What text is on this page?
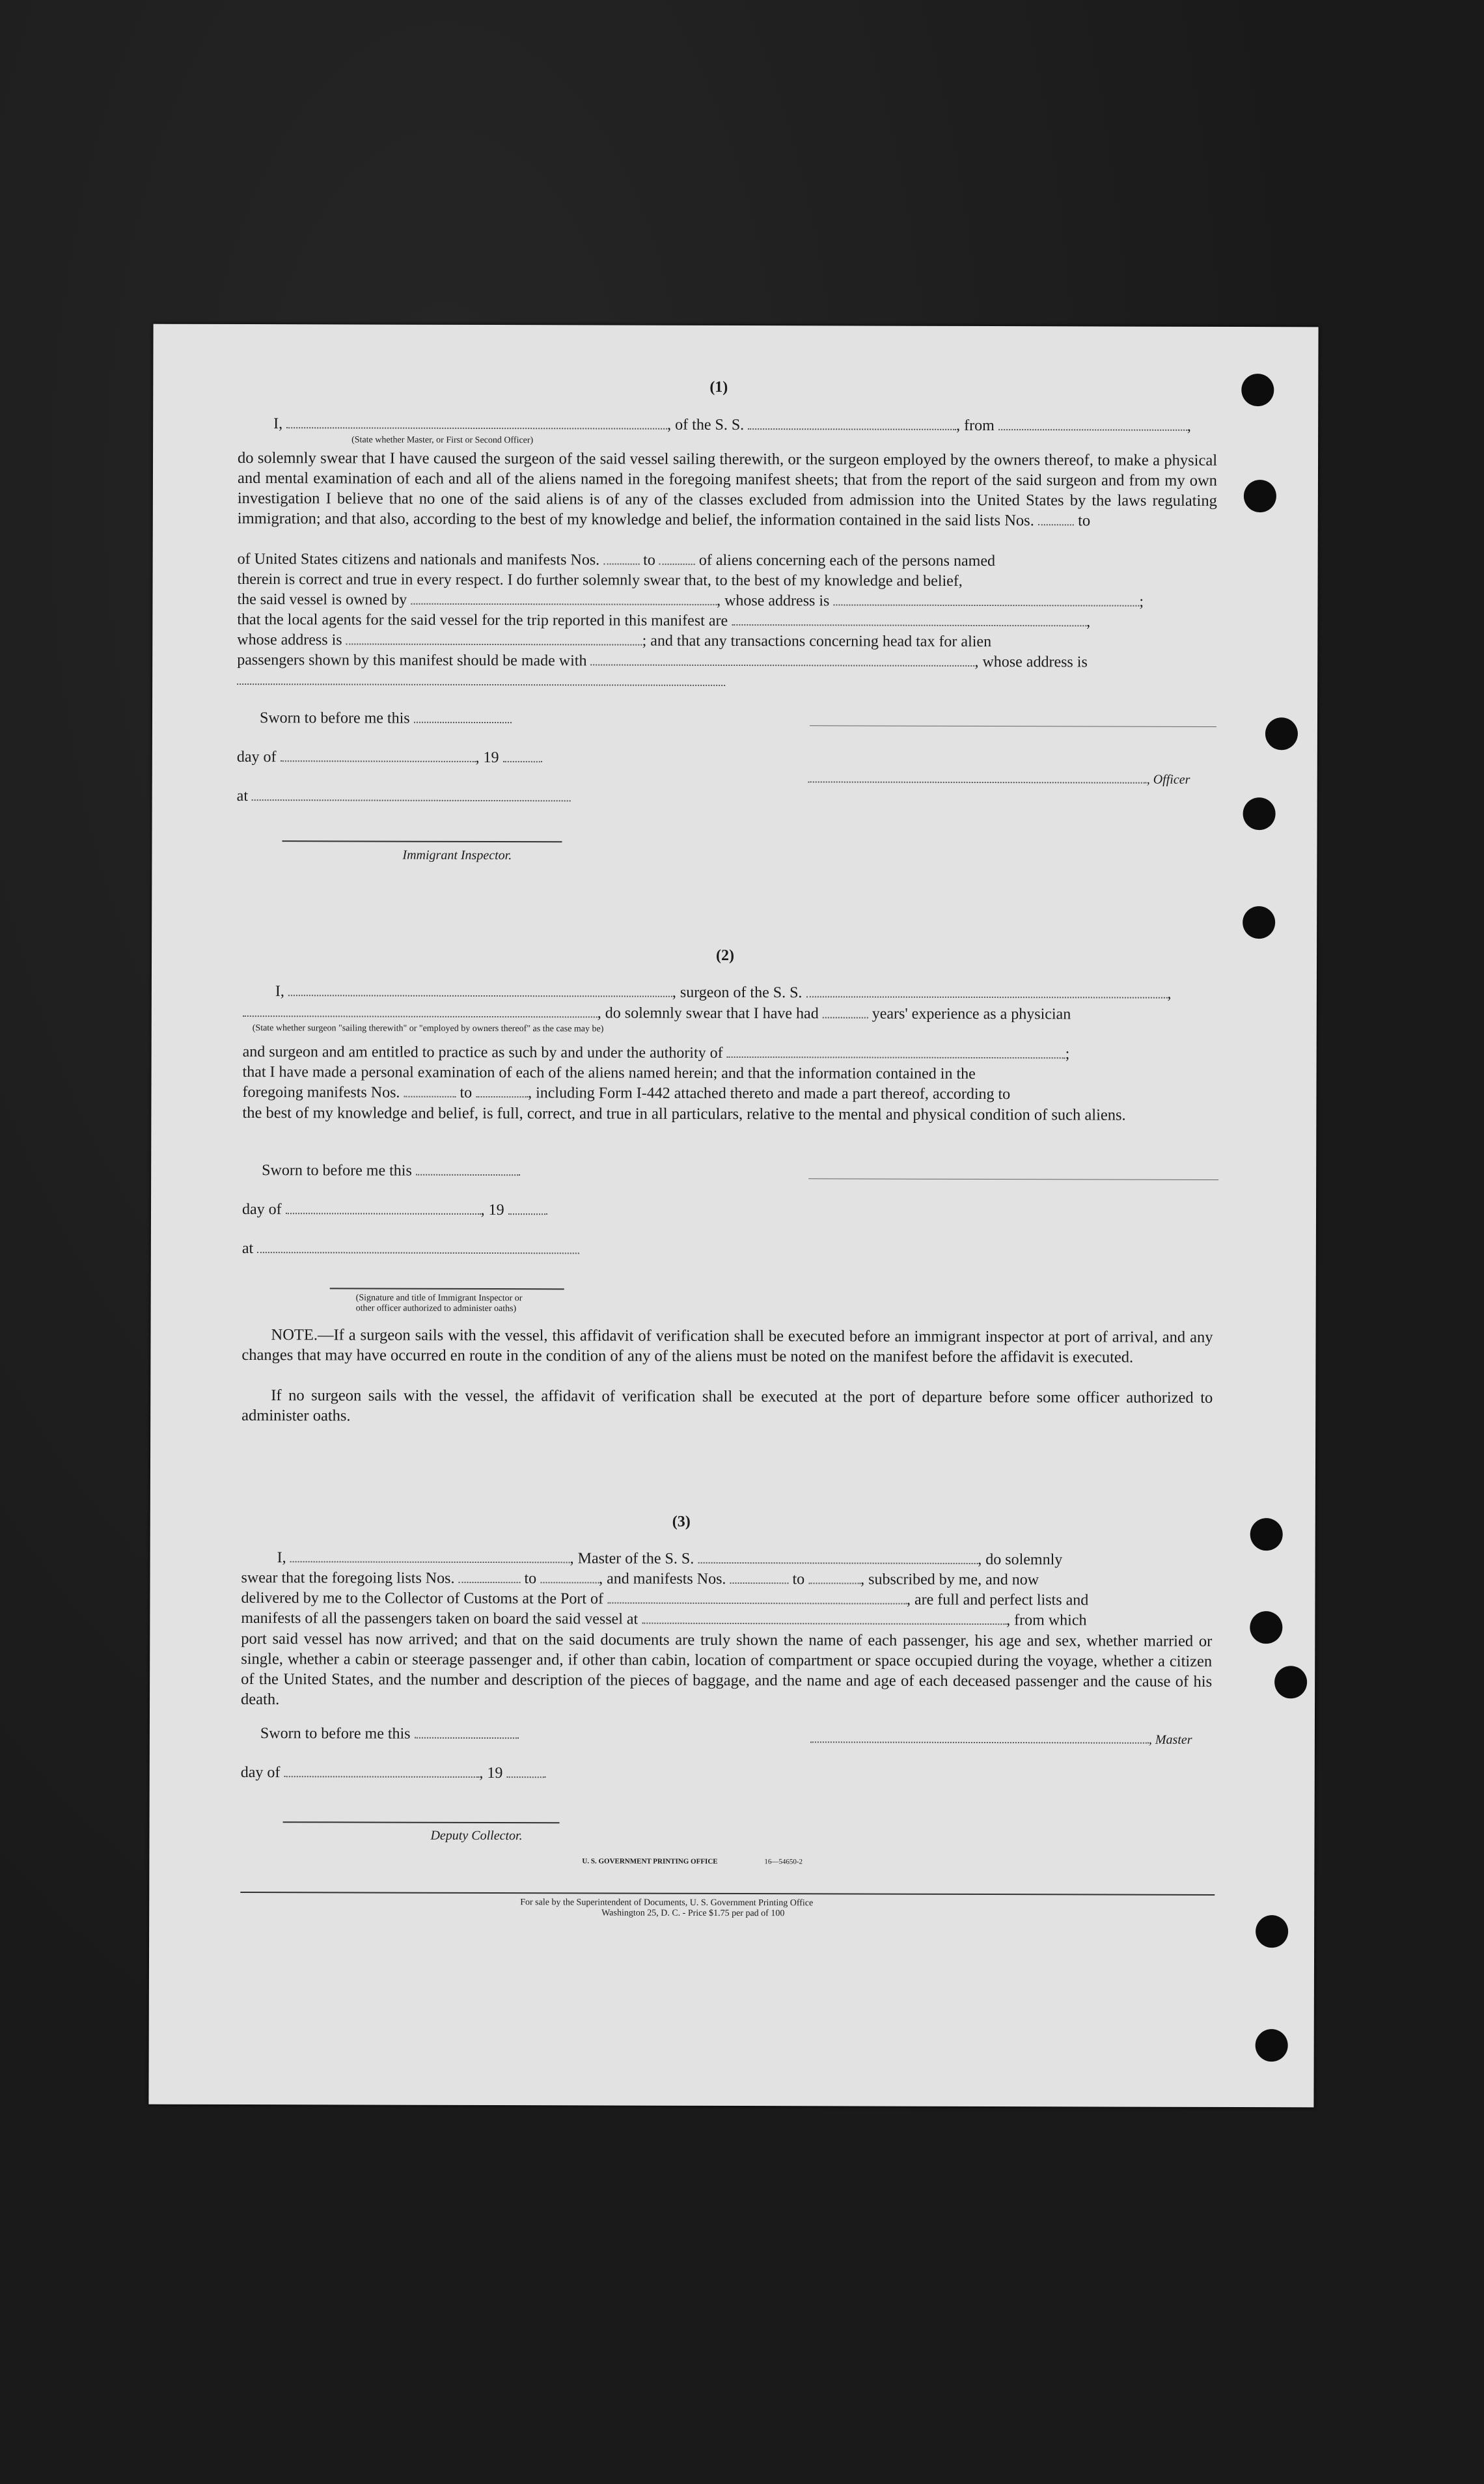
(1)
I,	, of the S. S.	, from	,
(State whether Master, or First or Second Officer)
do solemnly swear that I have caused the surgeon of the said vessel sailing therewith, or the surgeon employed by the owners thereof, to make a physical and mental examination of each and all of the aliens named in the foregoing manifest sheets; that from the report of the said surgeon and from my own investigation I believe that no one of the said aliens is of any of the classes excluded from admission into the United States by the laws regulating immigration; and that also, according to the best of my knowledge and belief, the information contained in the said lists Nos.	to
of United States citizens and nationals and manifests Nos.	to	of aliens concerning each of the persons named
therein is correct and true in every respect. I do further solemnly swear that, to the best of my knowledge and belief,
the said vessel is owned by	, whose address is	;
that the local agents for the said vessel for the trip reported in this manifest are	,
whose address is	; and that any transactions concerning head tax for alien
passengers shown by this manifest should be made with	, whose address is
Sworn to before me this
day of	, 19
, Officer
at
Immigrant Inspector.
(2)
I,	, surgeon of the S. S.	,
, do solemnly swear that I have had	years' experience as a physician
(State whether surgeon "sailing therewith" or "employed by owners thereof" as the case may be)
and surgeon and am entitled to practice as such by and under the authority of	;
that I have made a personal examination of each of the aliens named herein; and that the information contained in the
foregoing manifests Nos.	to	, including Form I-442 attached thereto and made a part thereof, according to
the best of my knowledge and belief, is full, correct, and true in all particulars, relative to the mental and physical condition of such aliens.
Sworn to before me this
day of	, 19
at
(Signature and title of Immigrant Inspector or
other officer authorized to administer oaths)
NOTE.—If a surgeon sails with the vessel, this affidavit of verification shall be executed before an immigrant inspector at port of arrival, and any changes that may have occurred en route in the condition of any of the aliens must be noted on the manifest before the affidavit is executed.
If no surgeon sails with the vessel, the affidavit of verification shall be executed at the port of departure before some officer authorized to administer oaths.
(3)
I,	, Master of the S. S.	, do solemnly
swear that the foregoing lists Nos.	to	, and manifests Nos.	to	, subscribed by me, and now
delivered by me to the Collector of Customs at the Port of	, are full and perfect lists and
manifests of all the passengers taken on board the said vessel at	, from which
port said vessel has now arrived; and that on the said documents are truly shown the name of each passenger, his age and sex, whether married or single, whether a cabin or steerage passenger and, if other than cabin, location of compartment or space occupied during the voyage, whether a citizen of the United States, and the number and description of the pieces of baggage, and the name and age of each deceased passenger and the cause of his death.
Sworn to before me this	, Master
day of	, 19
Deputy Collector.
U. S. GOVERNMENT PRINTING OFFICE	16—54650-2
For sale by the Superintendent of Documents, U. S. Government Printing Office
Washington 25, D. C. - Price $1.75 per pad of 100
